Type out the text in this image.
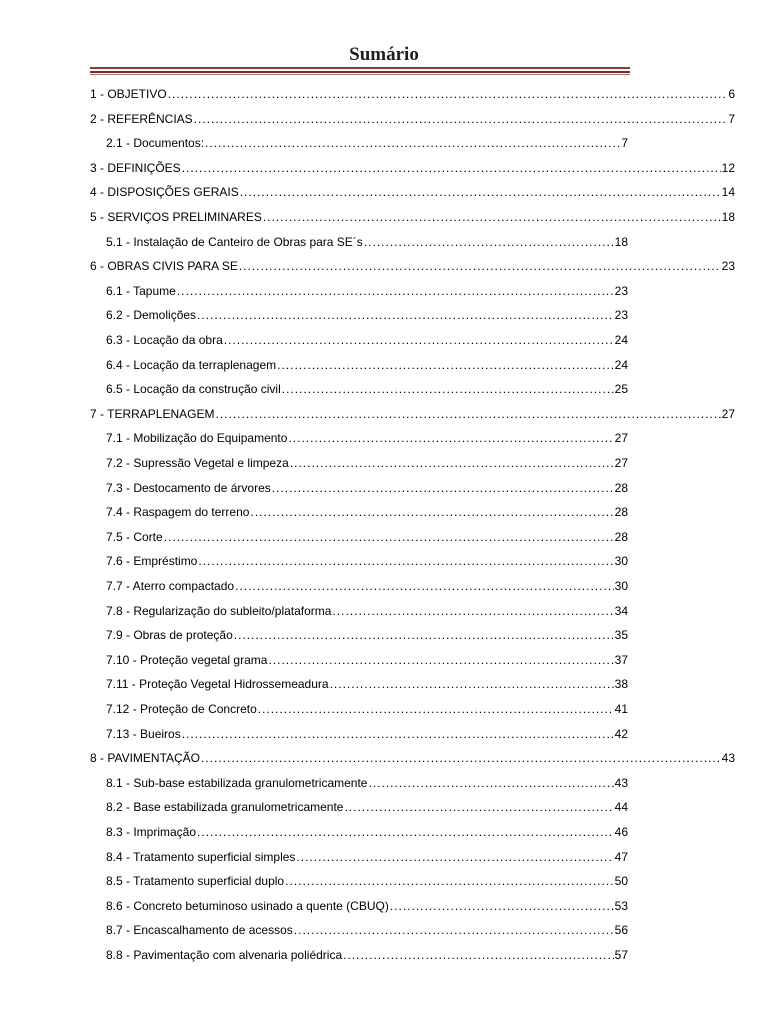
Sumário
1 - OBJETIVO .....	6
2 - REFERÊNCIAS .....	7
2.1 - Documentos: .....	7
3 - DEFINIÇÕES .....	12
4 - DISPOSIÇÕES GERAIS .....	14
5 - SERVIÇOS PRELIMINARES .....	18
5.1 - Instalação de Canteiro de Obras para SE´s .....	18
6 - OBRAS CIVIS PARA SE .....	23
6.1 - Tapume .....	23
6.2 - Demolições .....	23
6.3 - Locação da obra .....	24
6.4 - Locação da terraplenagem .....	24
6.5 - Locação da construção civil .....	25
7 - TERRAPLENAGEM .....	27
7.1 - Mobilização do Equipamento .....	27
7.2 - Supressão Vegetal e limpeza .....	27
7.3 - Destocamento de árvores .....	28
7.4 - Raspagem do terreno .....	28
7.5 - Corte .....	28
7.6 - Empréstimo .....	30
7.7 - Aterro compactado .....	30
7.8 - Regularização do subleito/plataforma .....	34
7.9 - Obras de proteção .....	35
7.10 - Proteção vegetal grama .....	37
7.11 - Proteção Vegetal Hidrossemeadura .....	38
7.12 - Proteção de Concreto .....	41
7.13 - Bueiros .....	42
8 - PAVIMENTAÇÃO .....	43
8.1 - Sub-base estabilizada granulometricamente .....	43
8.2 - Base estabilizada granulometricamente .....	44
8.3 - Imprimação .....	46
8.4 - Tratamento superficial simples .....	47
8.5 - Tratamento superficial duplo .....	50
8.6 - Concreto betuminoso usinado a quente (CBUQ) .....	53
8.7 - Encascalhamento de acessos .....	56
8.8 - Pavimentação com alvenaria poliédrica .....	57
